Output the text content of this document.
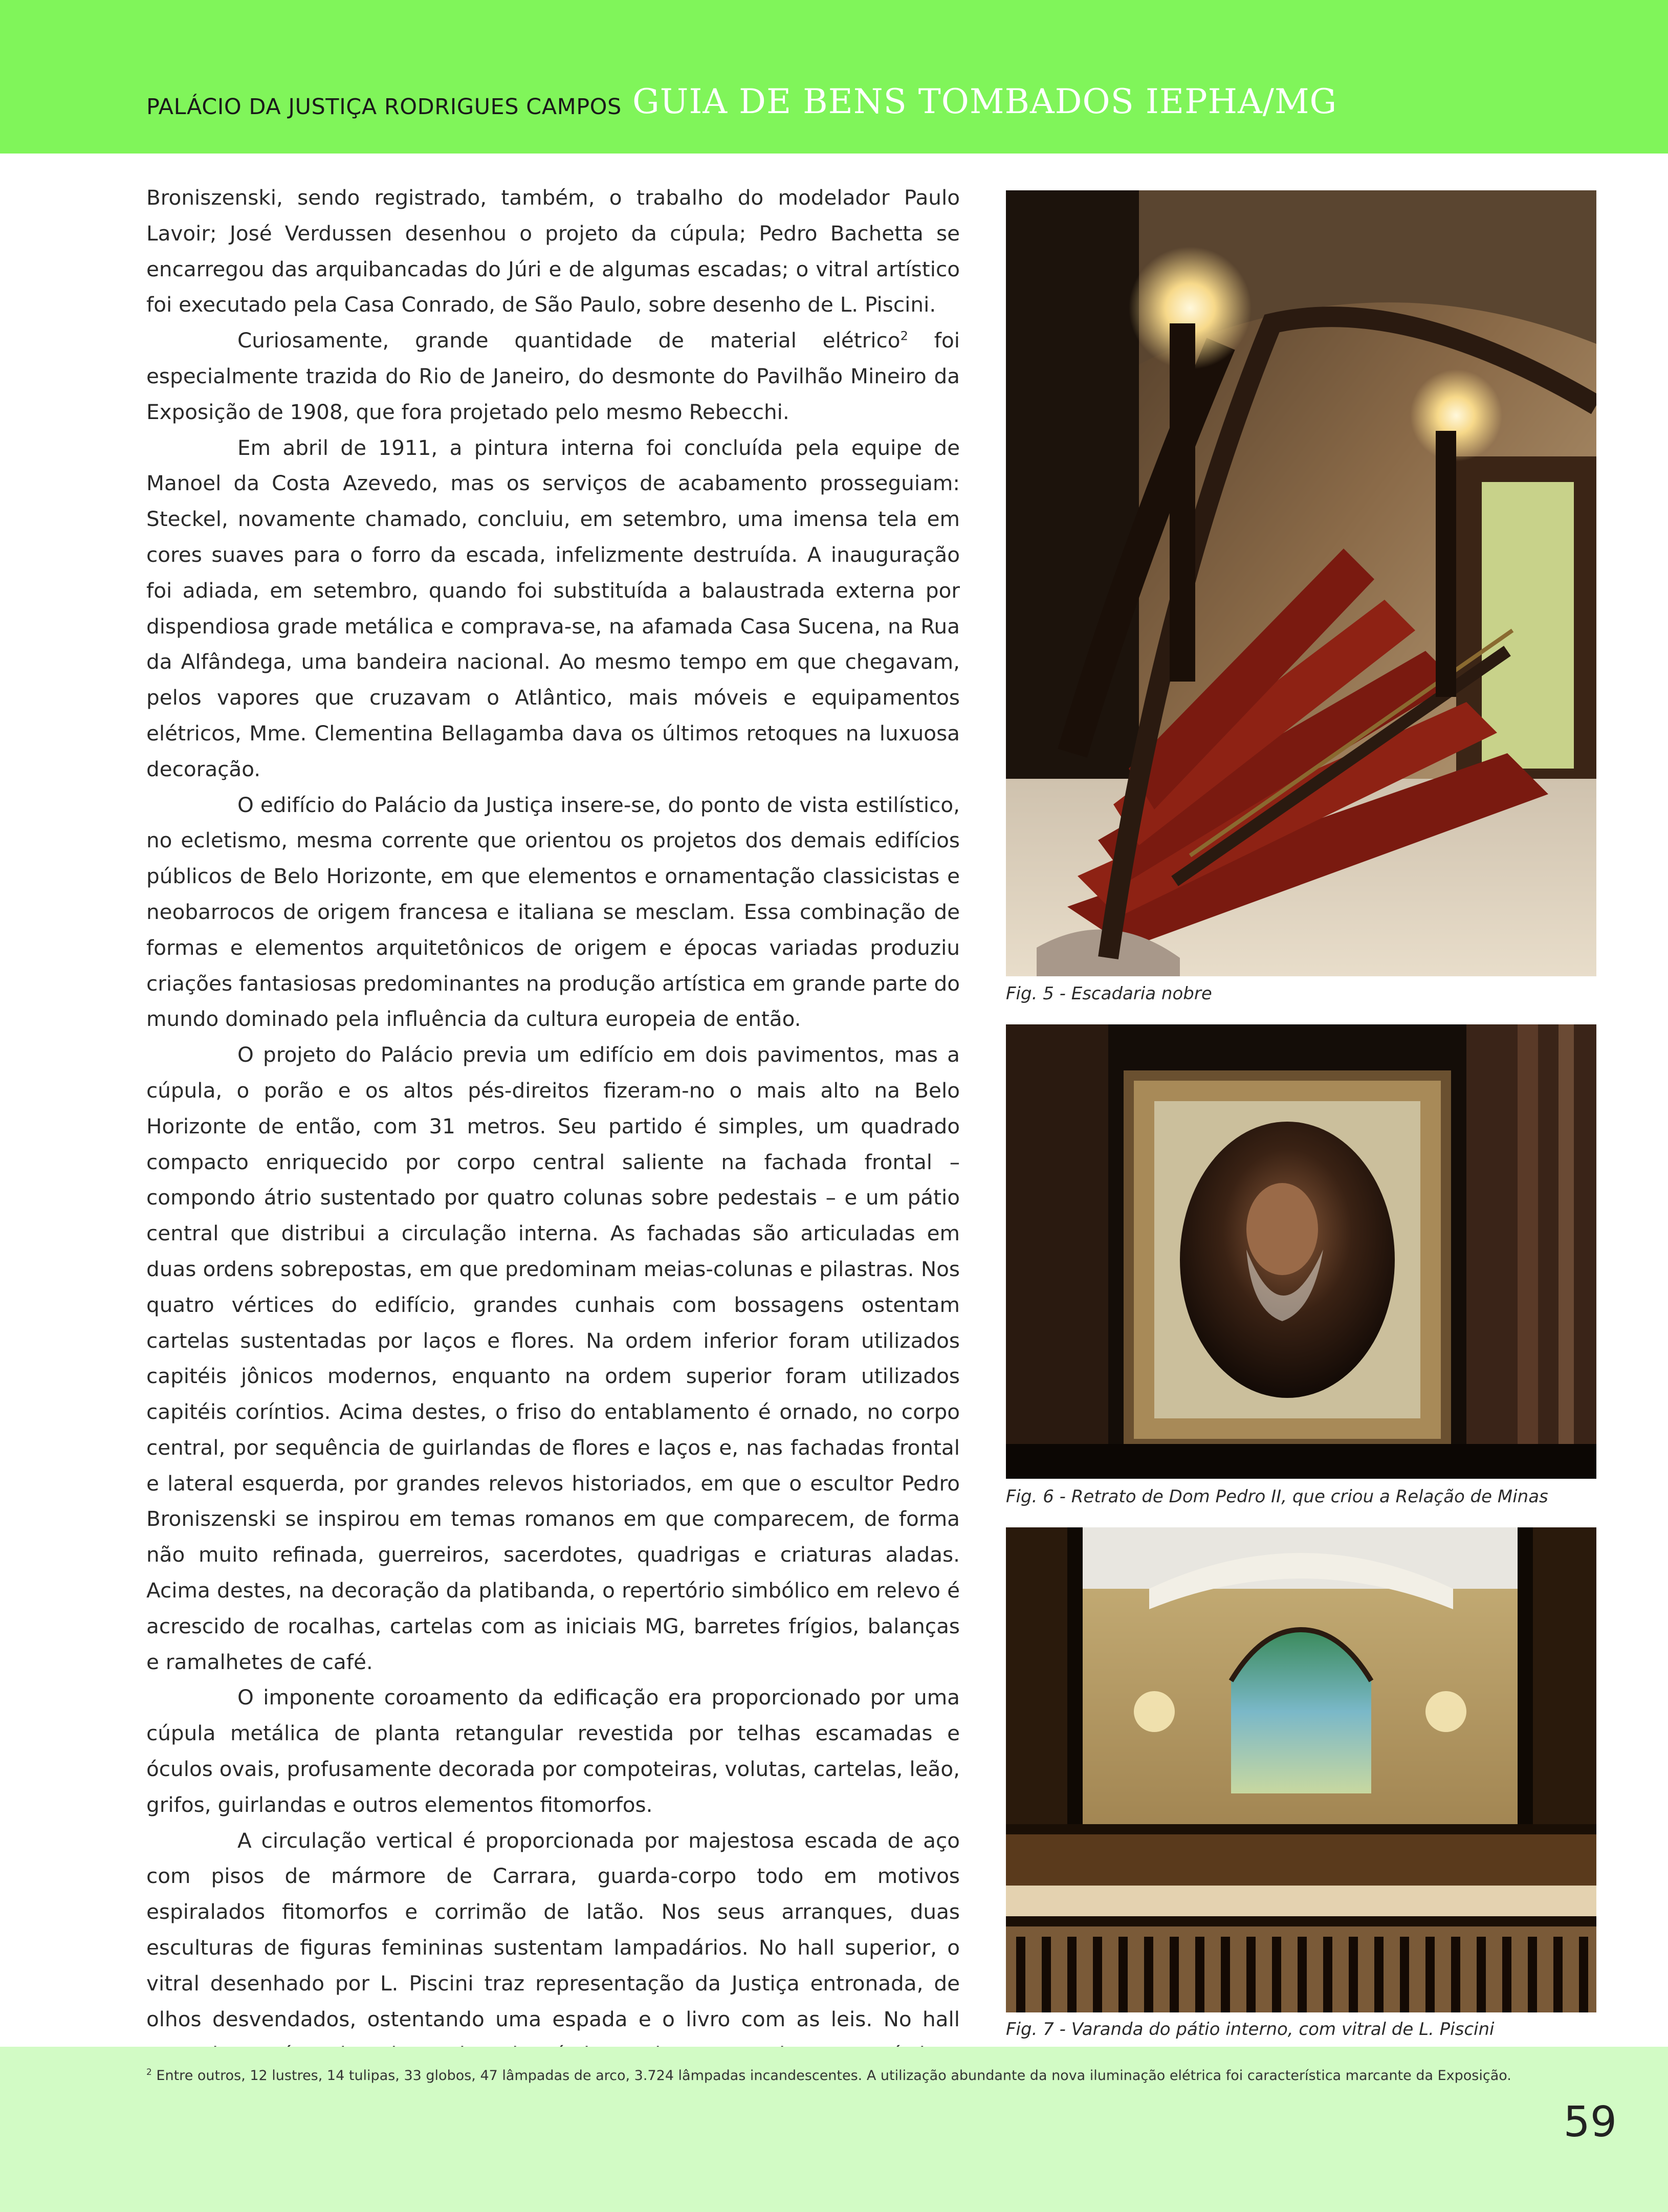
PALÁCIO DA JUSTIÇA RODRIGUES CAMPOS GUIA DE BENS TOMBADOS IEPHA/MG

Broniszenski, sendo registrado, também, o trabalho do modelador Paulo Lavoir; José Verdussen desenhou o projeto da cúpula; Pedro Bachetta se encarregou das arquibancadas do Júri e de algumas escadas; o vitral artístico foi executado pela Casa Conrado, de São Paulo, sobre desenho de L. Piscini.

Curiosamente, grande quantidade de material elétrico$^2$ foi especialmente trazida do Rio de Janeiro, do desmonte do Pavilhão Mineiro da Exposição de 1908, que fora projetado pelo mesmo Rebecchi.

Em abril de 1911, a pintura interna foi concluída pela equipe de Manoel da Costa Azevedo, mas os serviços de acabamento prosseguiam: Steckel, novamente chamado, concluiu, em setembro, uma imensa tela em cores suaves para o forro da escada, infelizmente destruída. A inauguração foi adiada, em setembro, quando foi substituída a balaustrada externa por dispendiosa grade metálica e comprava-se, na afamada Casa Sucena, na Rua da Alfândega, uma bandeira nacional. Ao mesmo tempo em que chegavam, pelos vapores que cruzavam o Atlântico, mais móveis e equipamentos elétricos, Mme. Clementina Bellagamba dava os últimos retoques na luxuosa decoração.

O edifício do Palácio da Justiça insere-se, do ponto de vista estilístico, no ecletismo, mesma corrente que orientou os projetos dos demais edifícios públicos de Belo Horizonte, em que elementos e ornamentação classicistas e neobarrocos de origem francesa e italiana se mesclam. Essa combinação de formas e elementos arquitetônicos de origem e épocas variadas produziu criações fantasiosas predominantes na produção artística em grande parte do mundo dominado pela influência da cultura europeia de então.

O projeto do Palácio previa um edifício em dois pavimentos, mas a cúpula, o porão e os altos pés-direitos fizeram-no o mais alto na Belo Horizonte de então, com 31 metros. Seu partido é simples, um quadrado compacto enriquecido por corpo central saliente na fachada frontal – compondo átrio sustentado por quatro colunas sobre pedestais – e um pátio central que distribui a circulação interna. As fachadas são articuladas em duas ordens sobrepostas, em que predominam meias-colunas e pilastras. Nos quatro vértices do edifício, grandes cunhais com bossagens ostentam cartelas sustentadas por laços e flores. Na ordem inferior foram utilizados capitéis jônicos modernos, enquanto na ordem superior foram utilizados capitéis coríntios. Acima destes, o friso do entablamento é ornado, no corpo central, por sequência de guirlandas de flores e laços e, nas fachadas frontal e lateral esquerda, por grandes relevos historiados, em que o escultor Pedro Broniszenski se inspirou em temas romanos em que comparecem, de forma não muito refinada, guerreiros, sacerdotes, quadrigas e criaturas aladas. Acima destes, na decoração da platibanda, o repertório simbólico em relevo é acrescido de rocalhas, cartelas com as iniciais MG, barretes frígios, balanças e ramalhetes de café.

O imponente coroamento da edificação era proporcionado por uma cúpula metálica de planta retangular revestida por telhas escamadas e óculos ovais, profusamente decorada por compoteiras, volutas, cartelas, leão, grifos, guirlandas e outros elementos fitomorfos.

A circulação vertical é proporcionada por majestosa escada de aço com pisos de mármore de Carrara, guarda-corpo todo em motivos espiralados fitomorfos e corrimão de latão. Nos seus arranques, duas esculturas de figuras femininas sustentam lampadários. No hall superior, o vitral desenhado por L. Piscini traz representação da Justiça entronada, de olhos desvendados, ostentando uma espada e o livro com as leis. No hall

Fig. 5 - Escadaria nobre
Fig. 6 - Retrato de Dom Pedro II, que criou a Relação de Minas
Fig. 7 - Varanda do pátio interno, com vitral de L. Piscini
$^2$ Entre outros, 12 lustres, 14 tulipas, 33 globos, 47 lâmpadas de arco, 3.724 lâmpadas incandescentes. A utilização abundante da nova iluminação elétrica foi característica marcante da Exposição.
59
